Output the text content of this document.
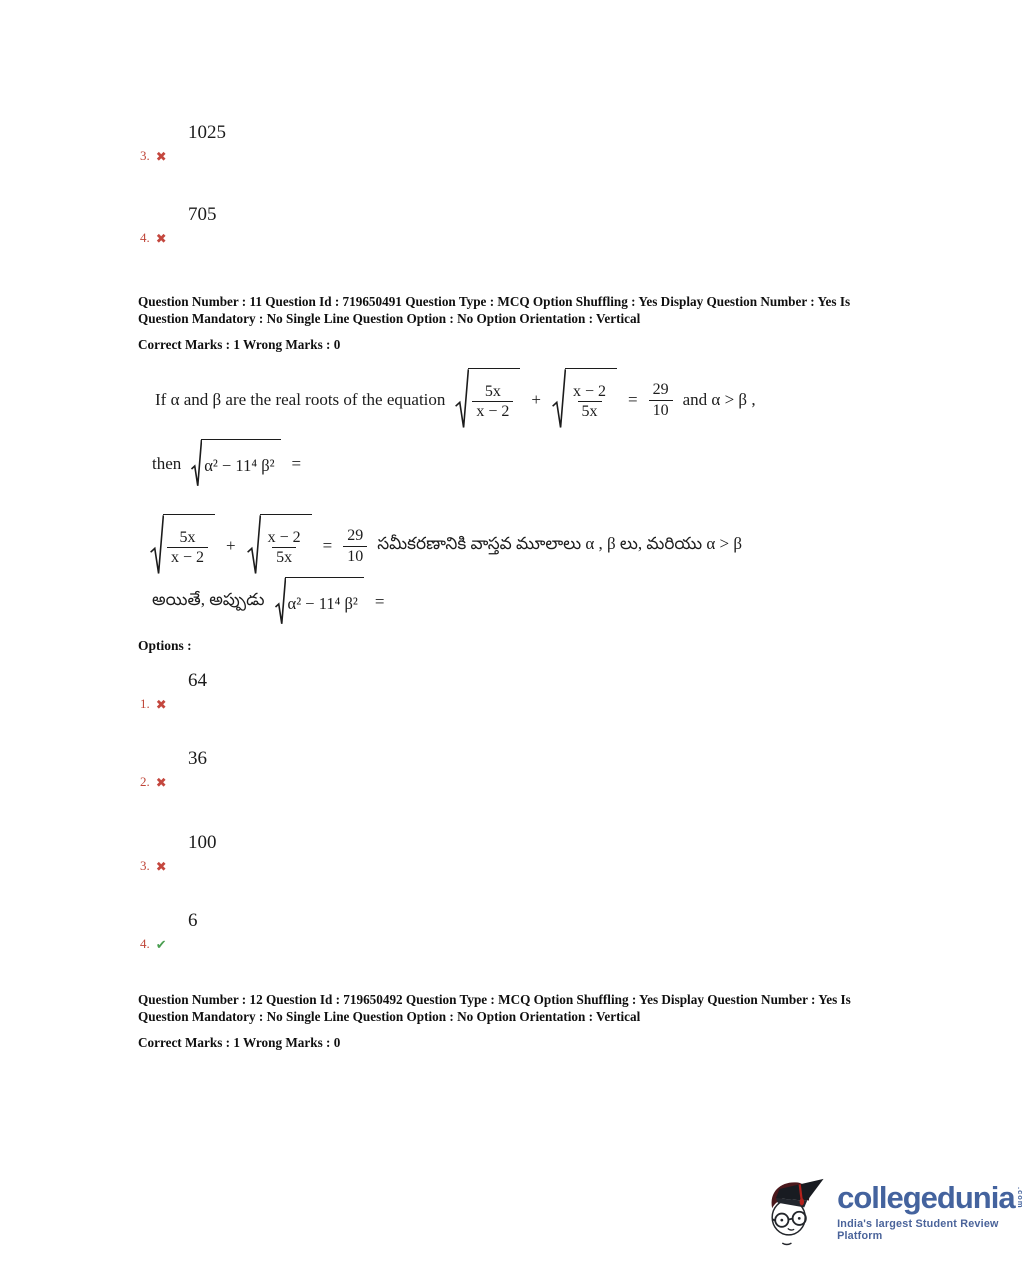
1025
3. ✖
705
4. ✖
Question Number : 11 Question Id : 719650491 Question Type : MCQ Option Shuffling : Yes Display Question Number : Yes Is
Question Mandatory : No Single Line Question Option : No Option Orientation : Vertical
Correct Marks : 1 Wrong Marks : 0
If α and β are the real roots of the equation $\frac{5x}{x - 2} + \frac{x - 2}{5x} = \frac{29}{10}$ and α > β ,
then α² − 11⁴ β²	=
$\frac{5x}{x - 2} + \frac{x - 2}{5x} = \frac{29}{10}$ సమీకరణానికి వాస్తవ మూలాలు α , β లు, మరియు α > β
అయితే, అప్పుడు α² − 11⁴ β²	=
Options :
64
1. ✖
36
2. ✖
100
3. ✖
6
4. ✔
Question Number : 12 Question Id : 719650492 Question Type : MCQ Option Shuffling : Yes Display Question Number : Yes Is
Question Mandatory : No Single Line Question Option : No Option Orientation : Vertical
Correct Marks : 1 Wrong Marks : 0
collegedunia .com
India's largest Student Review Platform
